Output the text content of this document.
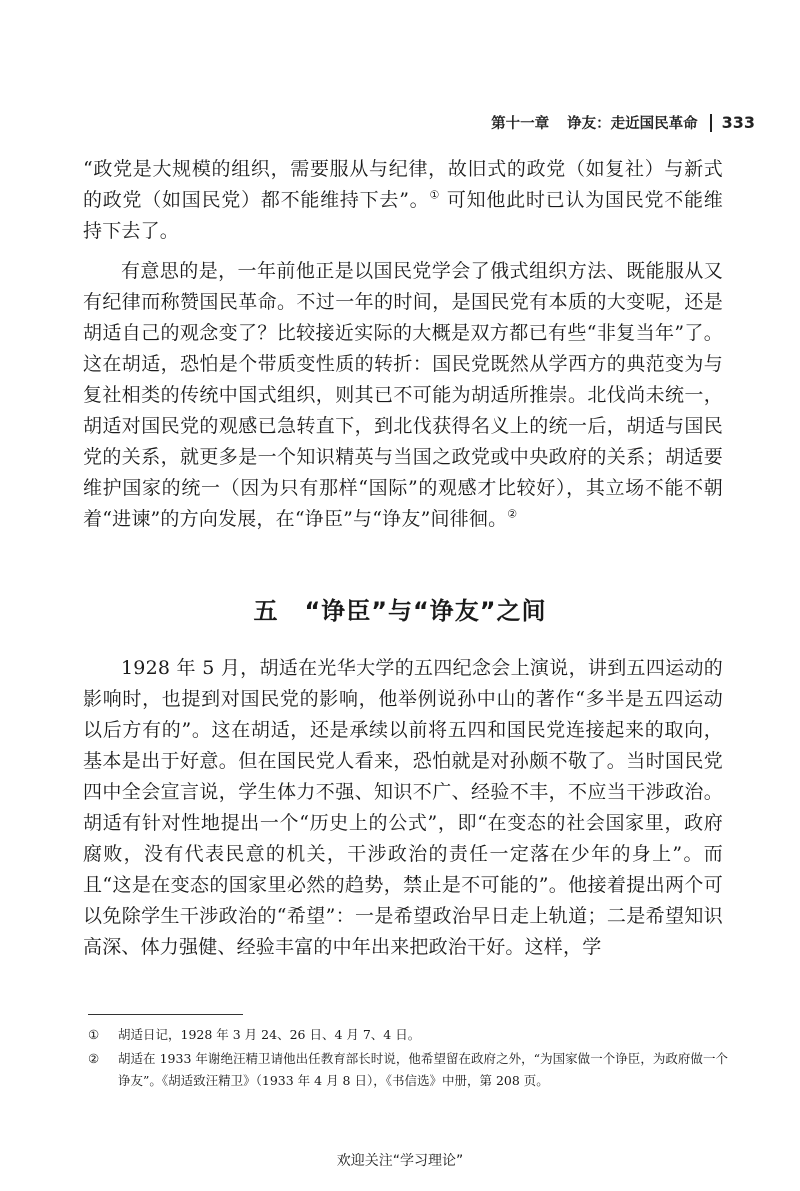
第十一章 诤友：走近国民革命 333

“政党是大规模的组织，需要服从与纪律，故旧式的政党（如复社）与新式的政党（如国民党）都不能维持下去”。① 可知他此时已认为国民党不能维持下去了。

有意思的是，一年前他正是以国民党学会了俄式组织方法、既能服从又有纪律而称赞国民革命。不过一年的时间，是国民党有本质的大变呢，还是胡适自己的观念变了？比较接近实际的大概是双方都已有些“非复当年”了。这在胡适，恐怕是个带质变性质的转折：国民党既然从学西方的典范变为与复社相类的传统中国式组织，则其已不可能为胡适所推崇。北伐尚未统一，胡适对国民党的观感已急转直下，到北伐获得名义上的统一后，胡适与国民党的关系，就更多是一个知识精英与当国之政党或中央政府的关系；胡适要维护国家的统一（因为只有那样“国际”的观感才比较好），其立场不能不朝着“进谏”的方向发展，在“诤臣”与“诤友”间徘徊。②

五 “诤臣”与“诤友”之间

1928 年 5 月，胡适在光华大学的五四纪念会上演说，讲到五四运动的影响时，也提到对国民党的影响，他举例说孙中山的著作“多半是五四运动以后方有的”。这在胡适，还是承续以前将五四和国民党连接起来的取向，基本是出于好意。但在国民党人看来，恐怕就是对孙颇不敬了。当时国民党四中全会宣言说，学生体力不强、知识不广、经验不丰，不应当干涉政治。胡适有针对性地提出一个“历史上的公式”，即“在变态的社会国家里，政府腐败，没有代表民意的机关，干涉政治的责任一定落在少年的身上”。而且“这是在变态的国家里必然的趋势，禁止是不可能的”。他接着提出两个可以免除学生干涉政治的“希望”：一是希望政治早日走上轨道；二是希望知识高深、体力强健、经验丰富的中年出来把政治干好。这样，学

①	胡适日记，1928 年 3 月 24、26 日、4 月 7、4 日。
②	胡适在 1933 年谢绝汪精卫请他出任教育部长时说，他希望留在政府之外，“为国家做一个诤臣，为政府做一个诤友”。《胡适致汪精卫》（1933 年 4 月 8 日），《书信选》中册，第 208 页。
欢迎关注“学习理论”
